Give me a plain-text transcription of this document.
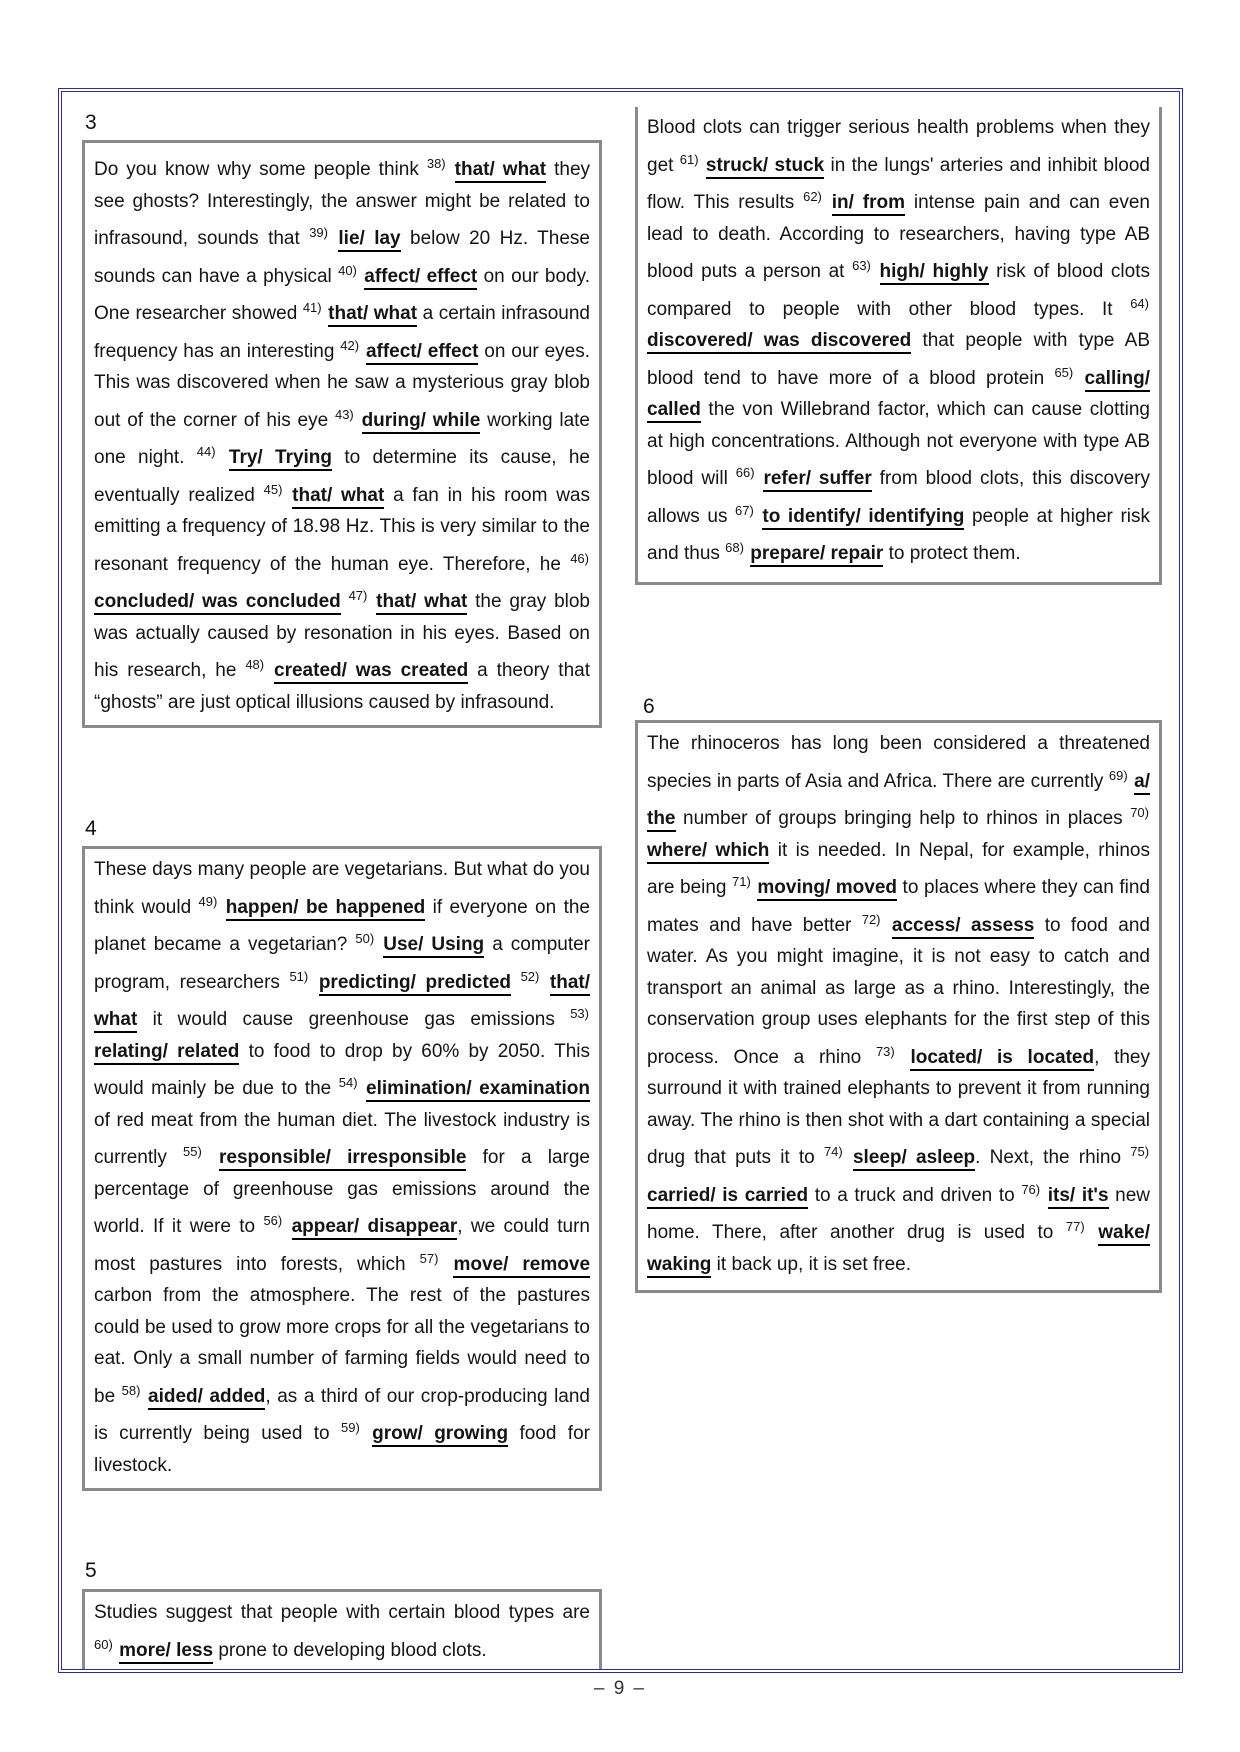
3

Do you know why some people think $^{38)}$ that/ what they see ghosts? Interestingly, the answer might be related to infrasound, sounds that $^{39)}$ lie/ lay below 20 Hz. These sounds can have a physical $^{40)}$ affect/ effect on our body. One researcher showed $^{41)}$ that/ what a certain infrasound frequency has an interesting $^{42)}$ affect/ effect on our eyes. This was discovered when he saw a mysterious gray blob out of the corner of his eye $^{43)}$ during/ while working late one night. $^{44)}$ Try/ Trying to determine its cause, he eventually realized $^{45)}$ that/ what a fan in his room was emitting a frequency of 18.98 Hz. This is very similar to the resonant frequency of the human eye. Therefore, he $^{46)}$ concluded/ was concluded $^{47)}$ that/ what the gray blob was actually caused by resonation in his eyes. Based on his research, he $^{48)}$ created/ was created a theory that “ghosts” are just optical illusions caused by infrasound.

4

These days many people are vegetarians. But what do you think would $^{49)}$ happen/ be happened if everyone on the planet became a vegetarian? $^{50)}$ Use/ Using a computer program, researchers $^{51)}$ predicting/ predicted $^{52)}$ that/ what it would cause greenhouse gas emissions $^{53)}$ relating/ related to food to drop by 60% by 2050. This would mainly be due to the $^{54)}$ elimination/ examination of red meat from the human diet. The livestock industry is currently $^{55)}$ responsible/ irresponsible for a large percentage of greenhouse gas emissions around the world. If it were to $^{56)}$ appear/ disappear, we could turn most pastures into forests, which $^{57)}$ move/ remove carbon from the atmosphere. The rest of the pastures could be used to grow more crops for all the vegetarians to eat. Only a small number of farming fields would need to be $^{58)}$ aided/ added, as a third of our crop-producing land is currently being used to $^{59)}$ grow/ growing food for livestock.

5

Studies suggest that people with certain blood types are $^{60)}$ more/ less prone to developing blood clots.

Blood clots can trigger serious health problems when they get $^{61)}$ struck/ stuck in the lungs' arteries and inhibit blood flow. This results $^{62)}$ in/ from intense pain and can even lead to death. According to researchers, having type AB blood puts a person at $^{63)}$ high/ highly risk of blood clots compared to people with other blood types. It $^{64)}$ discovered/ was discovered that people with type AB blood tend to have more of a blood protein $^{65)}$ calling/ called the von Willebrand factor, which can cause clotting at high concentrations. Although not everyone with type AB blood will $^{66)}$ refer/ suffer from blood clots, this discovery allows us $^{67)}$ to identify/ identifying people at higher risk and thus $^{68)}$ prepare/ repair to protect them.

6

The rhinoceros has long been considered a threatened species in parts of Asia and Africa. There are currently $^{69)}$ a/ the number of groups bringing help to rhinos in places $^{70)}$ where/ which it is needed. In Nepal, for example, rhinos are being $^{71)}$ moving/ moved to places where they can find mates and have better $^{72)}$ access/ assess to food and water. As you might imagine, it is not easy to catch and transport an animal as large as a rhino. Interestingly, the conservation group uses elephants for the first step of this process. Once a rhino $^{73)}$ located/ is located, they surround it with trained elephants to prevent it from running away. The rhino is then shot with a dart containing a special drug that puts it to $^{74)}$ sleep/ asleep. Next, the rhino $^{75)}$ carried/ is carried to a truck and driven to $^{76)}$ its/ it's new home. There, after another drug is used to $^{77)}$ wake/ waking it back up, it is set free.

– 9 –
